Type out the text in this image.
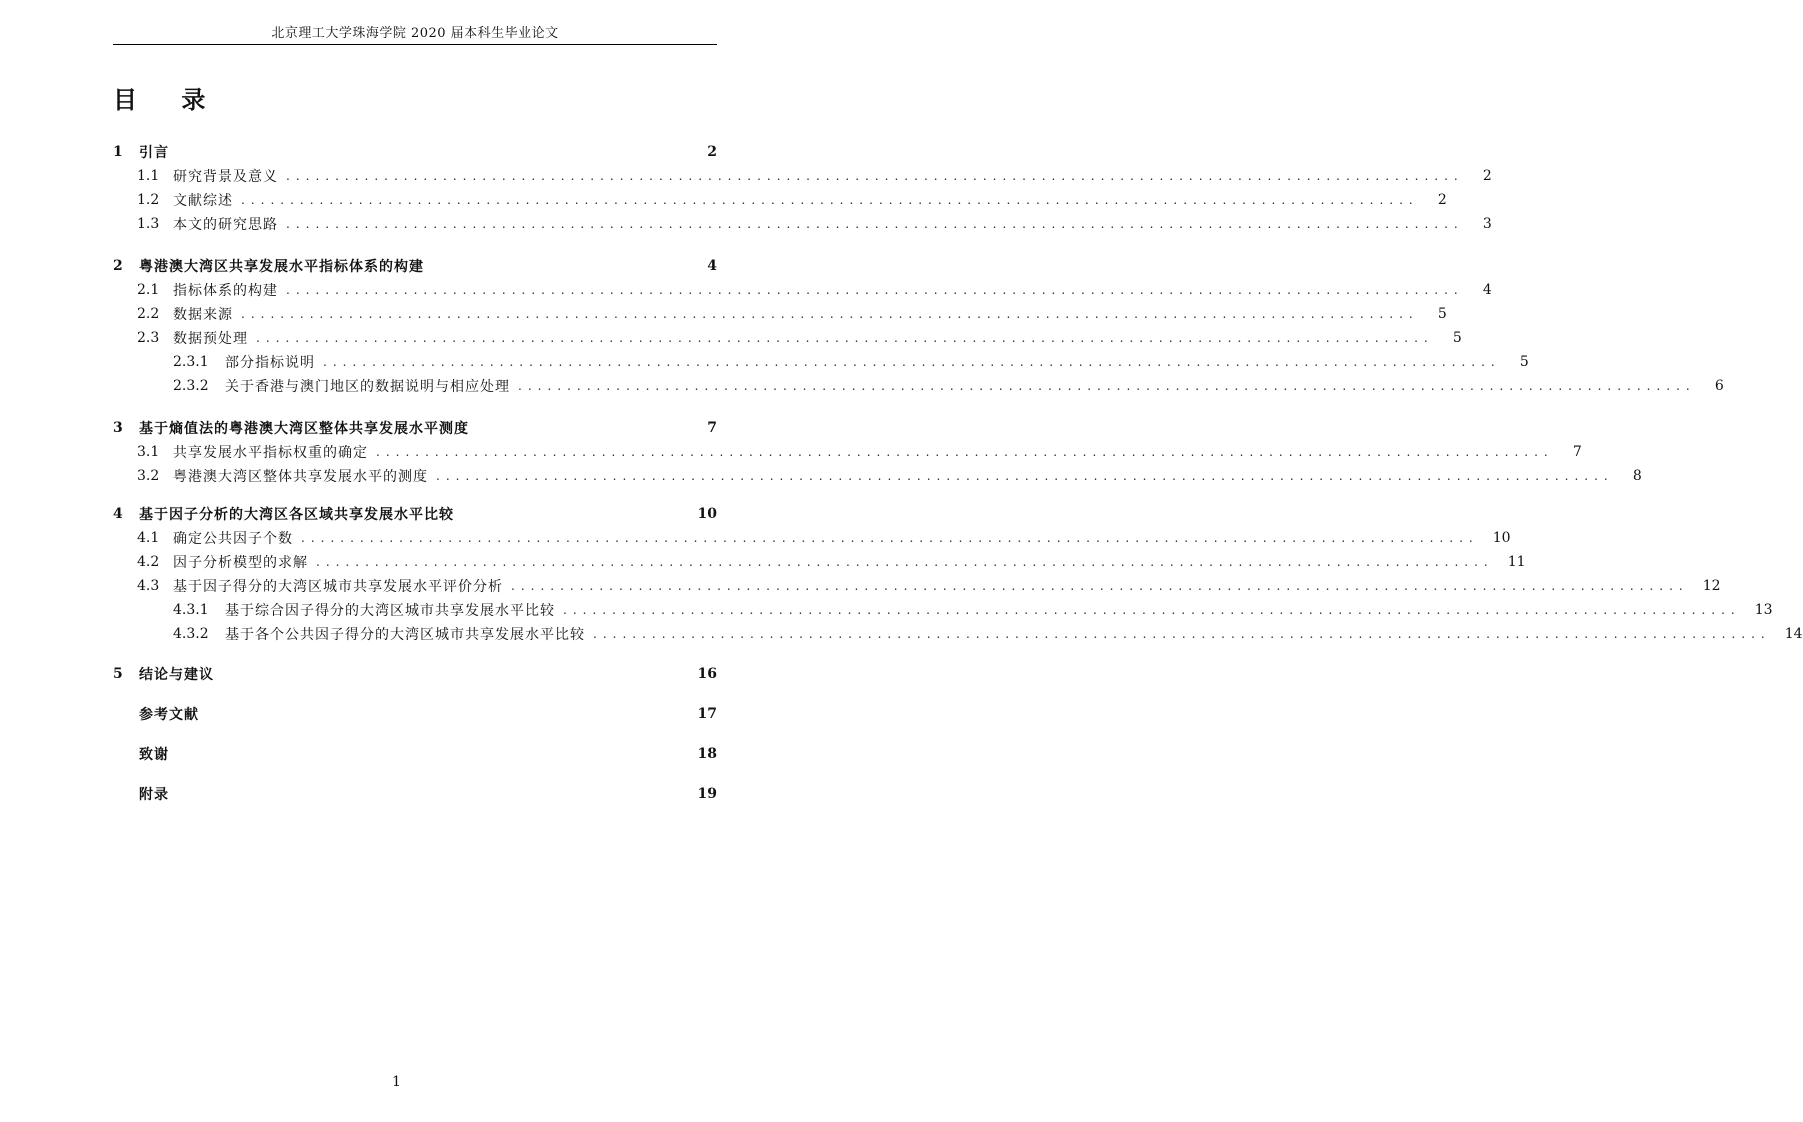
北京理工大学珠海学院 2020 届本科生毕业论文
目 录
1	引言	2
1.1 研究背景及意义 ........................................................................................................................	2
1.2 文献综述 ........................................................................................................................	2
1.3 本文的研究思路 ........................................................................................................................	3
2	粤港澳大湾区共享发展水平指标体系的构建	4
2.1 指标体系的构建 ........................................................................................................................	4
2.2 数据来源 ........................................................................................................................	5
2.3 数据预处理 ........................................................................................................................	5
2.3.1	部分指标说明 ........................................................................................................................	5
2.3.2	关于香港与澳门地区的数据说明与相应处理 ........................................................................................................................	6
3	基于熵值法的粤港澳大湾区整体共享发展水平测度	7
3.1 共享发展水平指标权重的确定 ........................................................................................................................	7
3.2 粤港澳大湾区整体共享发展水平的测度 ........................................................................................................................	8
4	基于因子分析的大湾区各区域共享发展水平比较	10
4.1 确定公共因子个数 ........................................................................................................................ 10
4.2 因子分析模型的求解 ........................................................................................................................ 11
4.3 基于因子得分的大湾区城市共享发展水平评价分析 ........................................................................................................................ 12
4.3.1	基于综合因子得分的大湾区城市共享发展水平比较 ........................................................................................................................ 13
4.3.2	基于各个公共因子得分的大湾区城市共享发展水平比较 ........................................................................................................................ 14
5	结论与建议	16
参考文献	17
致谢	18
附录	19
1
